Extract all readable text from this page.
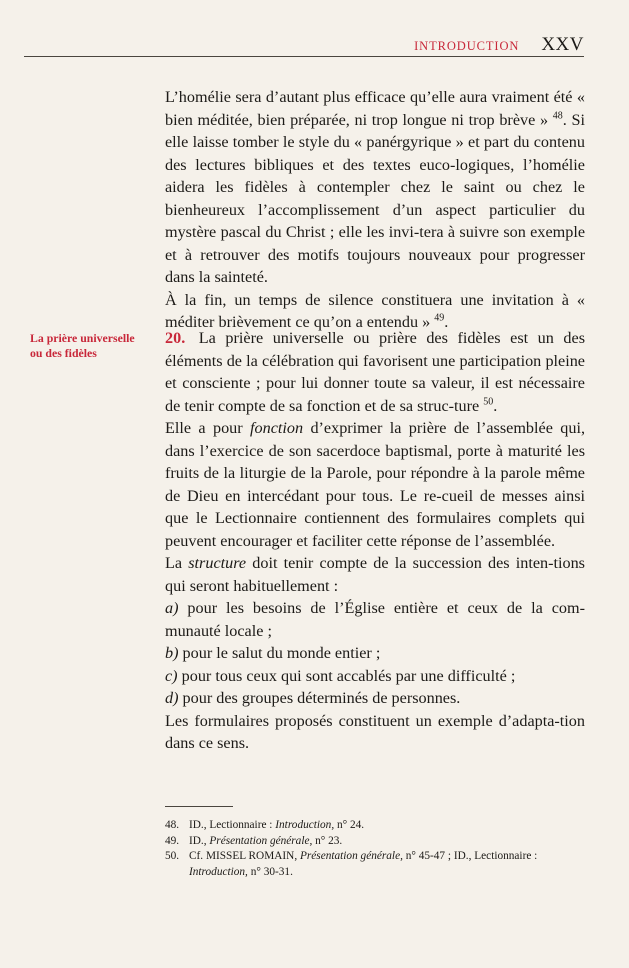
INTRODUCTION XXV

L’homélie sera d’autant plus efficace qu’elle aura vraiment été « bien méditée, bien préparée, ni trop longue ni trop brève » $^{48}$. Si elle laisse tomber le style du « panérgyrique » et part du contenu des lectures bibliques et des textes euco-logiques, l’homélie aidera les fidèles à contempler chez le saint ou chez le bienheureux l’accomplissement d’un aspect particulier du mystère pascal du Christ ; elle les invi-tera à suivre son exemple et à retrouver des motifs toujours nouveaux pour progresser dans la sainteté.

À la fin, un temps de silence constituera une invitation à « méditer brièvement ce qu’on a entendu » $^{49}$.

La prière universelle ou des fidèles

20. La prière universelle ou prière des fidèles est un des éléments de la célébration qui favorisent une participation pleine et consciente ; pour lui donner toute sa valeur, il est nécessaire de tenir compte de sa fonction et de sa struc-ture $^{50}$.

Elle a pour fonction d’exprimer la prière de l’assemblée qui, dans l’exercice de son sacerdoce baptismal, porte à maturité les fruits de la liturgie de la Parole, pour répondre à la parole même de Dieu en intercédant pour tous. Le re-cueil de messes ainsi que le Lectionnaire contiennent des formulaires complets qui peuvent encourager et faciliter cette réponse de l’assemblée.

La structure doit tenir compte de la succession des inten-tions qui seront habituellement :

a) pour les besoins de l’Église entière et ceux de la com-munauté locale ;

b) pour le salut du monde entier ;

c) pour tous ceux qui sont accablés par une difficulté ;

d) pour des groupes déterminés de personnes.

Les formulaires proposés constituent un exemple d’adapta-tion dans ce sens.

48. ID., Lectionnaire : Introduction, n° 24.
49. ID., Présentation générale, n° 23.
50. Cf. MISSEL ROMAIN, Présentation générale, n° 45-47 ; ID., Lectionnaire : Introduction, n° 30-31.
